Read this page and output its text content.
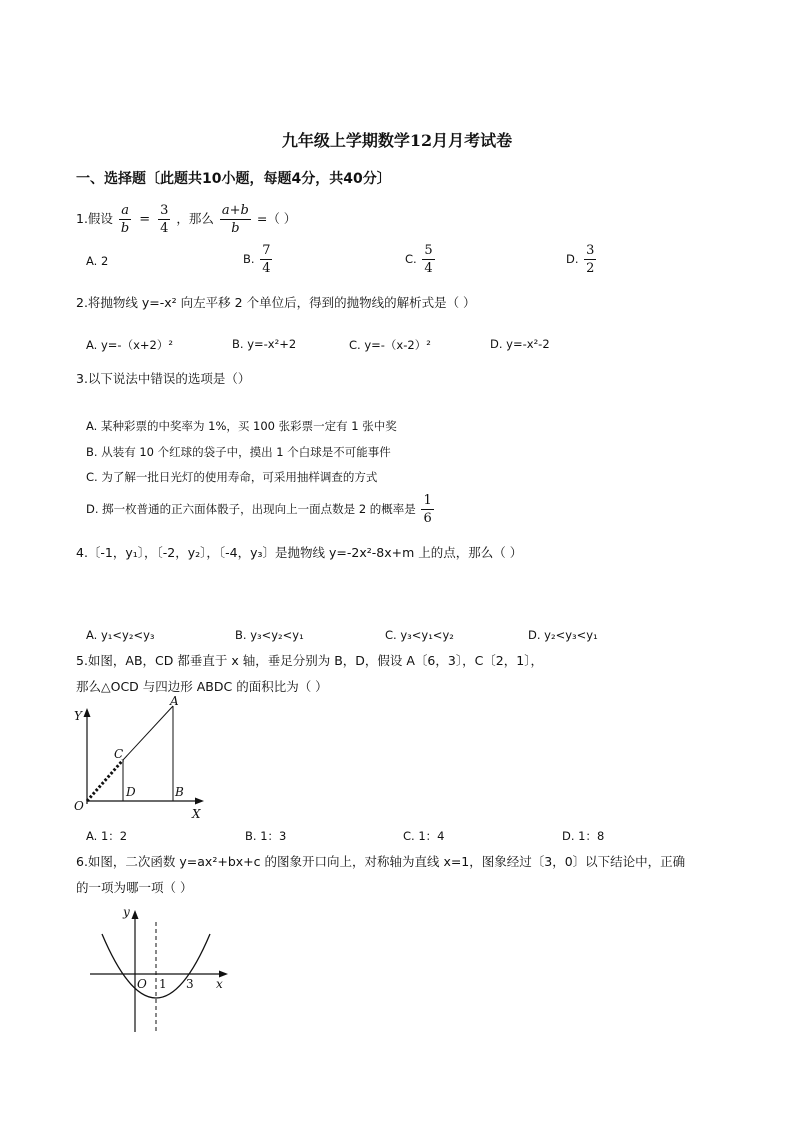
九年级上学期数学12月月考试卷
一、选择题〔此题共10小题，每题4分，共40分〕
1.假设 $\frac{a}{b} = \frac{3}{4}$ ，那么 $\frac{a+b}{b}$ =（ ）
A. 2	B. $\frac{7}{4}$	C. $\frac{5}{4}$	D. $\frac{3}{2}$
2.将抛物线 y=-x² 向左平移 2 个单位后，得到的抛物线的解析式是（ ）
A. y=-（x+2）²	B. y=-x²+2	C. y=-（x-2）²	D. y=-x²-2
3.以下说法中错误的选项是（）
A. 某种彩票的中奖率为 1%，买 100 张彩票一定有 1 张中奖
B. 从装有 10 个红球的袋子中，摸出 1 个白球是不可能事件
C. 为了解一批日光灯的使用寿命，可采用抽样调查的方式
D. 掷一枚普通的正六面体骰子，出现向上一面点数是 2 的概率是 $\frac{1}{6}$
4.〔-1，y₁〕，〔-2，y₂〕，〔-4，y₃〕是抛物线 y=-2x²-8x+m 上的点，那么（ ）
A. y₁<y₂<y₃	B. y₃<y₂<y₁	C. y₃<y₁<y₂	D. y₂<y₃<y₁
5.如图，AB，CD 都垂直于 x 轴，垂足分别为 B，D，假设 A〔6，3〕，C〔2，1〕，
那么△OCD 与四边形 ABDC 的面积比为（ ）
Y
A
C
D	B
O
X
A. 1：2	B. 1：3	C. 1：4	D. 1：8
6.如图，二次函数 y=ax²+bx+c 的图象开口向上，对称轴为直线 x=1，图象经过〔3，0〕以下结论中，正确
的一项为哪一项（ ）
y
O 1 3 x
